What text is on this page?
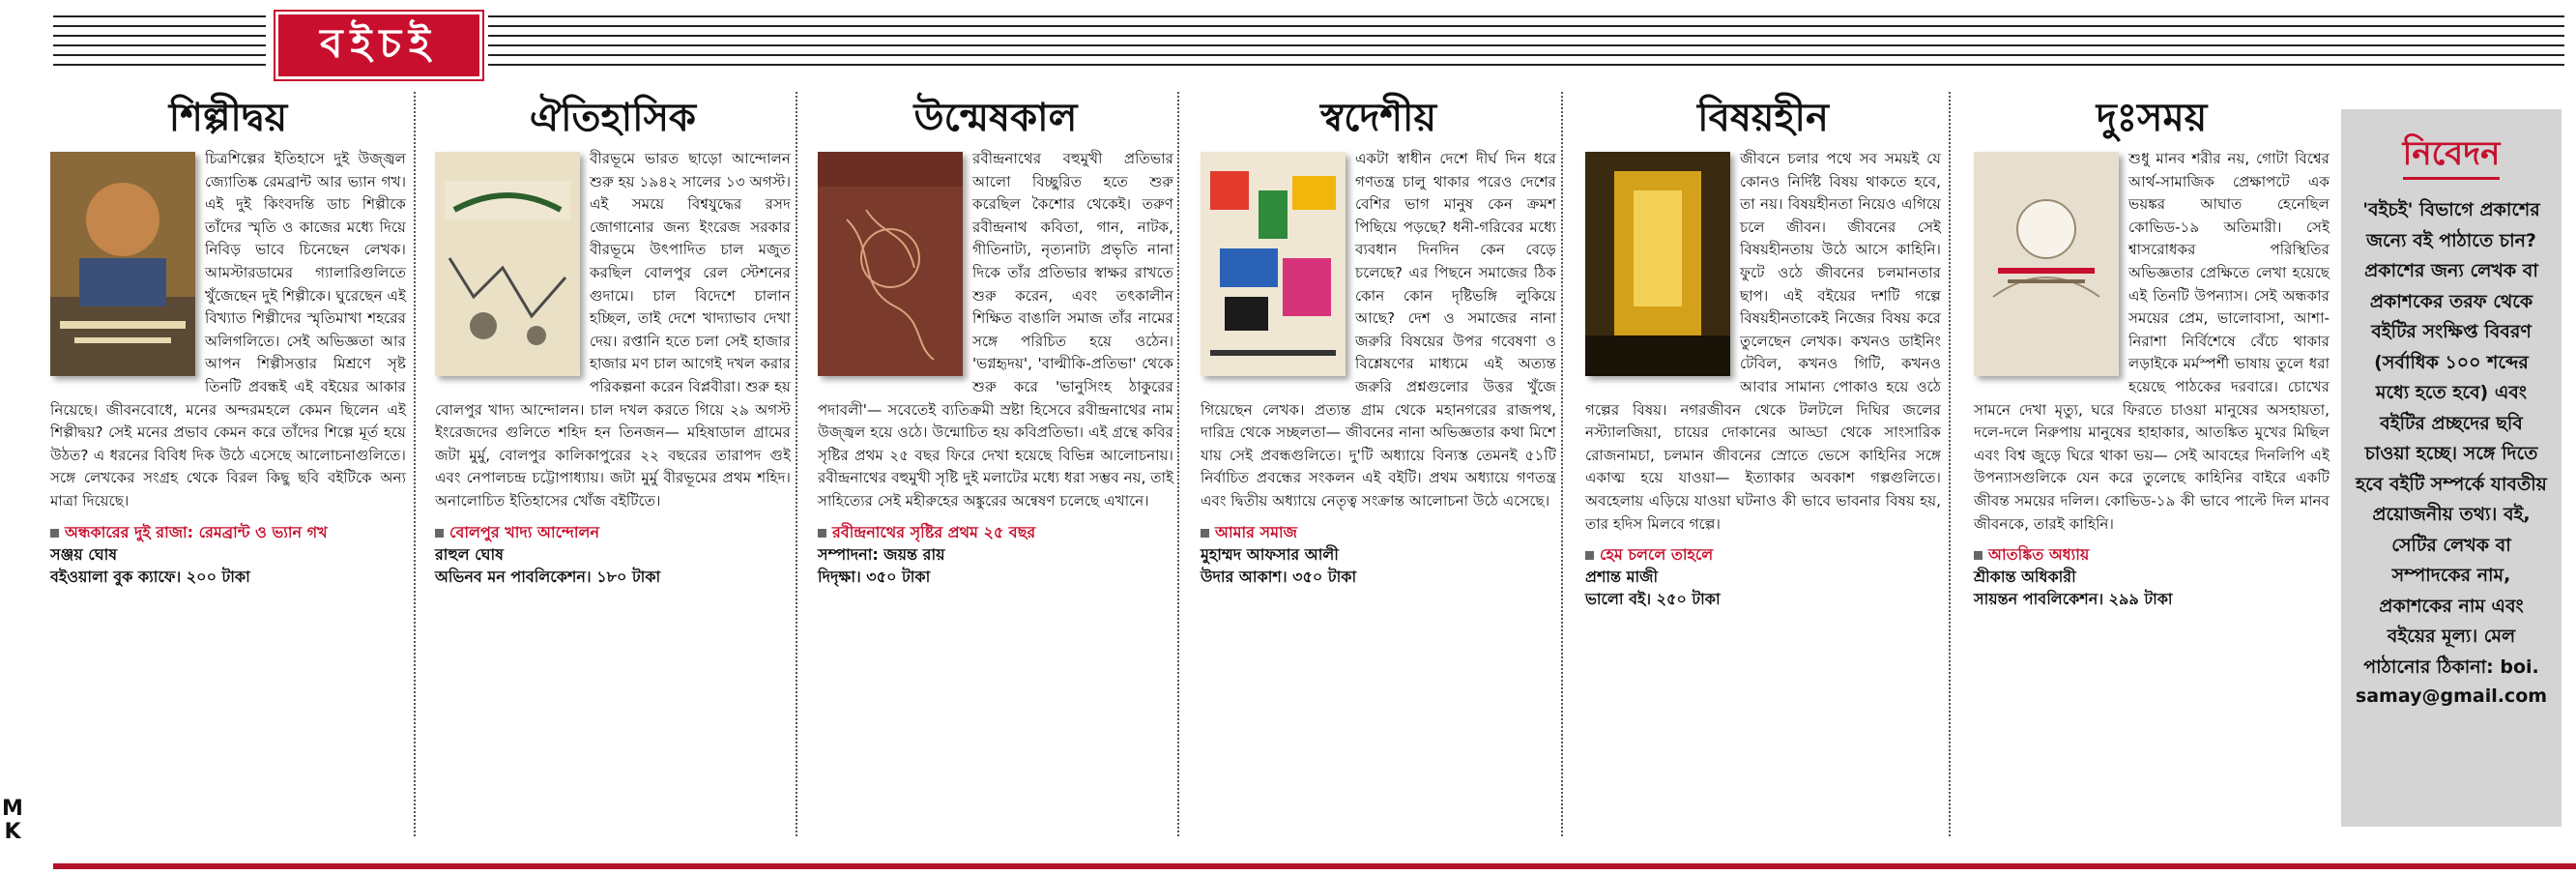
বইচই
M
K
শিল্পীদ্বয়

চিত্রশিল্পের ইতিহাসে দুই উজ্জ্বল জ্যোতিষ্ক রেমব্রান্ট আর ভ্যান গখ। এই দুই কিংবদন্তি ডাচ শিল্পীকে তাঁদের স্মৃতি ও কাজের মধ্যে দিয়ে নিবিড় ভাবে চিনেছেন লেখক। আমস্টারডামের গ্যালারিগুলিতে খুঁজেছেন দুই শিল্পীকে। ঘুরেছেন এই বিখ্যাত শিল্পীদের স্মৃতিমাখা শহরের অলিগলিতে। সেই অভিজ্ঞতা আর আপন শিল্পীসত্তার মিশ্রণে সৃষ্ট তিনটি প্রবন্ধই এই বইয়ের আকার নিয়েছে। জীবনবোধে, মনের অন্দরমহলে কেমন ছিলেন এই শিল্পীদ্বয়? সেই মনের প্রভাব কেমন করে তাঁদের শিল্পে মূর্ত হয়ে উঠত? এ ধরনের বিবিধ দিক উঠে এসেছে আলোচনাগুলিতে। সঙ্গে লেখকের সংগ্রহ থেকে বিরল কিছু ছবি বইটিকে অন্য মাত্রা দিয়েছে।

অন্ধকারের দুই রাজা: রেমব্রান্ট ও ভ্যান গখ
সঞ্জয় ঘোষ
বইওয়ালা বুক ক্যাফে। ২০০ টাকা
ঐতিহাসিক

বীরভূমে ভারত ছাড়ো আন্দোলন শুরু হয় ১৯৪২ সালের ১৩ অগস্ট। এই সময়ে বিশ্বযুদ্ধের রসদ জোগানোর জন্য ইংরেজ সরকার বীরভূমে উৎপাদিত চাল মজুত করছিল বোলপুর রেল স্টেশনের গুদামে। চাল বিদেশে চালান হচ্ছিল, তাই দেশে খাদ্যাভাব দেখা দেয়। রপ্তানি হতে চলা সেই হাজার হাজার মণ চাল আগেই দখল করার পরিকল্পনা করেন বিপ্লবীরা। শুরু হয় বোলপুর খাদ্য আন্দোলন। চাল দখল করতে গিয়ে ২৯ অগস্ট ইংরেজদের গুলিতে শহিদ হন তিনজন— মহিষাডাল গ্রামের জটা মুর্মু, বোলপুর কালিকাপুরের ২২ বছরের তারাপদ গুই এবং নেপালচন্দ্র চট্টোপাধ্যায়। জটা মুর্মু বীরভূমের প্রথম শহিদ। অনালোচিত ইতিহাসের খোঁজ বইটিতে।

বোলপুর খাদ্য আন্দোলন
রাহুল ঘোষ
অভিনব মন পাবলিকেশন। ১৮০ টাকা
উন্মেষকাল

রবীন্দ্রনাথের বহুমুখী প্রতিভার আলো বিচ্ছুরিত হতে শুরু করেছিল কৈশোর থেকেই। তরুণ রবীন্দ্রনাথ কবিতা, গান, নাটক, গীতিনাট্য, নৃত্যনাট্য প্রভৃতি নানা দিকে তাঁর প্রতিভার স্বাক্ষর রাখতে শুরু করেন, এবং তৎকালীন শিক্ষিত বাঙালি সমাজ তাঁর নামের সঙ্গে পরিচিত হয়ে ওঠেন। 'ভগ্নহৃদয়', 'বাল্মীকি-প্রতিভা' থেকে শুরু করে 'ভানুসিংহ ঠাকুরের পদাবলী'— সবেতেই ব্যতিক্রমী স্রষ্টা হিসেবে রবীন্দ্রনাথের নাম উজ্জ্বল হয়ে ওঠে। উন্মোচিত হয় কবিপ্রতিভা। এই গ্রন্থে কবির সৃষ্টির প্রথম ২৫ বছর ফিরে দেখা হয়েছে বিভিন্ন আলোচনায়। রবীন্দ্রনাথের বহুমুখী সৃষ্টি দুই মলাটের মধ্যে ধরা সম্ভব নয়, তাই সাহিত্যের সেই মহীরুহের অঙ্কুরের অন্বেষণ চলেছে এখানে।

রবীন্দ্রনাথের সৃষ্টির প্রথম ২৫ বছর
সম্পাদনা: জয়ন্ত রায়
দিদৃক্ষা। ৩৫০ টাকা
স্বদেশীয়

একটা স্বাধীন দেশে দীর্ঘ দিন ধরে গণতন্ত্র চালু থাকার পরেও দেশের বেশির ভাগ মানুষ কেন ক্রমশ পিছিয়ে পড়ছে? ধনী-গরিবের মধ্যে ব্যবধান দিনদিন কেন বেড়ে চলেছে? এর পিছনে সমাজের ঠিক কোন কোন দৃষ্টিভঙ্গি লুকিয়ে আছে? দেশ ও সমাজের নানা জরুরি বিষয়ের উপর গবেষণা ও বিশ্লেষণের মাধ্যমে এই অত্যন্ত জরুরি প্রশ্নগুলোর উত্তর খুঁজে গিয়েছেন লেখক। প্রত্যন্ত গ্রাম থেকে মহানগরের রাজপথ, দারিদ্র থেকে সচ্ছলতা— জীবনের নানা অভিজ্ঞতার কথা মিশে যায় সেই প্রবন্ধগুলিতে। দু'টি অধ্যায়ে বিন্যস্ত তেমনই ৫১টি নির্বাচিত প্রবন্ধের সংকলন এই বইটি। প্রথম অধ্যায়ে গণতন্ত্র এবং দ্বিতীয় অধ্যায়ে নেতৃত্ব সংক্রান্ত আলোচনা উঠে এসেছে।

আমার সমাজ
মুহাম্মদ আফসার আলী
উদার আকাশ। ৩৫০ টাকা
বিষয়হীন

জীবনে চলার পথে সব সময়ই যে কোনও নির্দিষ্ট বিষয় থাকতে হবে, তা নয়। বিষয়হীনতা নিয়েও এগিয়ে চলে জীবন। জীবনের সেই বিষয়হীনতায় উঠে আসে কাহিনি। ফুটে ওঠে জীবনের চলমানতার ছাপ। এই বইয়ের দশটি গল্পে বিষয়হীনতাকেই নিজের বিষয় করে তুলেছেন লেখক। কখনও ডাইনিং টেবিল, কখনও গিটি, কখনও আবার সামান্য পোকাও হয়ে ওঠে গল্পের বিষয়। নগরজীবন থেকে টলটলে দিঘির জলের নস্ট্যালজিয়া, চায়ের দোকানের আড্ডা থেকে সাংসারিক রোজনামচা, চলমান জীবনের স্রোতে ভেসে কাহিনির সঙ্গে একাত্ম হয়ে যাওয়া— ইত্যাকার অবকাশ গল্পগুলিতে। অবহেলায় এড়িয়ে যাওয়া ঘটনাও কী ভাবে ভাবনার বিষয় হয়, তার হদিস মিলবে গল্পে।

হেম চললে তাহলে
প্রশান্ত মাজী
ভালো বই। ২৫০ টাকা
দুঃসময়

শুধু মানব শরীর নয়, গোটা বিশ্বের আর্থ-সামাজিক প্রেক্ষাপটে এক ভয়ঙ্কর আঘাত হেনেছিল কোভিড-১৯ অতিমারী। সেই শ্বাসরোধকর পরিস্থিতির অভিজ্ঞতার প্রেক্ষিতে লেখা হয়েছে এই তিনটি উপন্যাস। সেই অন্ধকার সময়ের প্রেম, ভালোবাসা, আশা-নিরাশা নির্বিশেষে বেঁচে থাকার লড়াইকে মর্মস্পর্শী ভাষায় তুলে ধরা হয়েছে পাঠকের দরবারে। চোখের সামনে দেখা মৃত্যু, ঘরে ফিরতে চাওয়া মানুষের অসহায়তা, দলে-দলে নিরুপায় মানুষের হাহাকার, আতঙ্কিত মুখের মিছিল এবং বিশ্ব জুড়ে ঘিরে থাকা ভয়— সেই আবহের দিনলিপি এই উপন্যাসগুলিকে যেন করে তুলেছে কাহিনির বাইরে একটি জীবন্ত সময়ের দলিল। কোভিড-১৯ কী ভাবে পাল্টে দিল মানব জীবনকে, তারই কাহিনি।

আতঙ্কিত অধ্যায়
শ্রীকান্ত অধিকারী
সায়ন্তন পাবলিকেশন। ২৯৯ টাকা
নিবেদন
'বইচই' বিভাগে প্রকাশের জন্যে বই পাঠাতে চান? প্রকাশের জন্য লেখক বা প্রকাশকের তরফ থেকে বইটির সংক্ষিপ্ত বিবরণ (সর্বাধিক ১০০ শব্দের মধ্যে হতে হবে) এবং বইটির প্রচ্ছদের ছবি চাওয়া হচ্ছে। সঙ্গে দিতে হবে বইটি সম্পর্কে যাবতীয় প্রয়োজনীয় তথ্য। বই, সেটির লেখক বা সম্পাদকের নাম, প্রকাশকের নাম এবং বইয়ের মূল্য। মেল পাঠানোর ঠিকানা: boi.
samay@gmail.com
